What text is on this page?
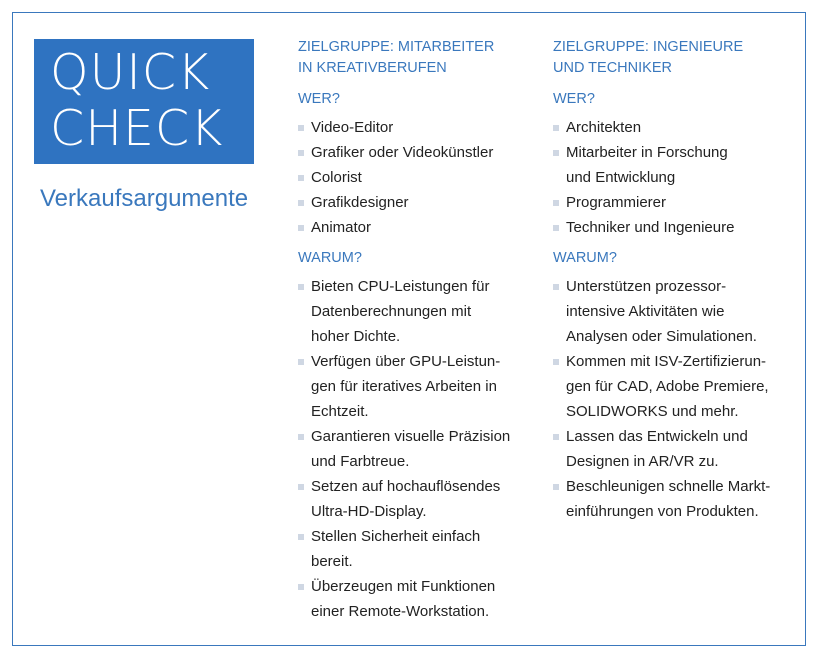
QUICK
CHECK
Verkaufsargumente

ZIELGRUPPE: MITARBEITER
IN KREATIVBERUFEN

WER?
Video-Editor
Grafiker oder Videokünstler
Colorist
Grafikdesigner
Animator
WARUM?
Bieten CPU-Leistungen für
Datenberechnungen mit
hoher Dichte.
Verfügen über GPU-Leistun-
gen für iteratives Arbeiten in
Echtzeit.
Garantieren visuelle Präzision
und Farbtreue.
Setzen auf hochauflösendes
Ultra-HD-Display.
Stellen Sicherheit einfach
bereit.
Überzeugen mit Funktionen
einer Remote-Workstation.

ZIELGRUPPE: INGENIEURE
UND TECHNIKER

WER?
Architekten
Mitarbeiter in Forschung
und Entwicklung
Programmierer
Techniker und Ingenieure
WARUM?
Unterstützen prozessor-
intensive Aktivitäten wie
Analysen oder Simulationen.
Kommen mit ISV-Zertifizierun-
gen für CAD, Adobe Premiere,
SOLIDWORKS und mehr.
Lassen das Entwickeln und
Designen in AR/VR zu.
Beschleunigen schnelle Markt-
einführungen von Produkten.
